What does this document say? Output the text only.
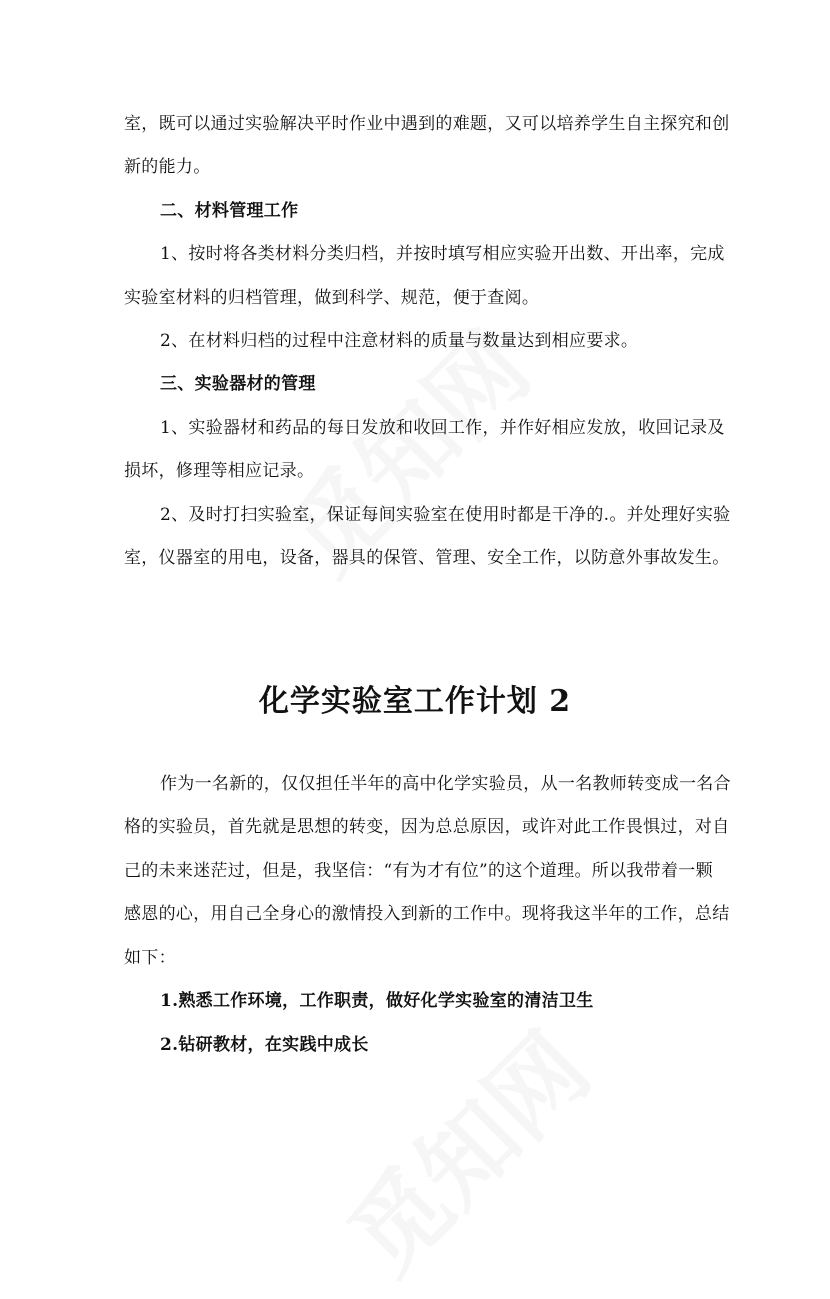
室，既可以通过实验解决平时作业中遇到的难题，又可以培养学生自主探究和创
新的能力。
二、材料管理工作
1、按时将各类材料分类归档，并按时填写相应实验开出数、开出率，完成
实验室材料的归档管理，做到科学、规范，便于查阅。
2、在材料归档的过程中注意材料的质量与数量达到相应要求。
三、实验器材的管理
1、实验器材和药品的每日发放和收回工作，并作好相应发放，收回记录及
损坏，修理等相应记录。
2、及时打扫实验室，保证每间实验室在使用时都是干净的.。并处理好实验
室，仪器室的用电，设备，器具的保管、管理、安全工作，以防意外事故发生。
化学实验室工作计划 2
作为一名新的，仅仅担任半年的高中化学实验员，从一名教师转变成一名合
格的实验员，首先就是思想的转变，因为总总原因，或许对此工作畏惧过，对自
己的未来迷茫过，但是，我坚信：“有为才有位”的这个道理。所以我带着一颗
感恩的心，用自己全身心的激情投入到新的工作中。现将我这半年的工作，总结
如下：
1.熟悉工作环境，工作职责，做好化学实验室的清洁卫生
2.钻研教材，在实践中成长
